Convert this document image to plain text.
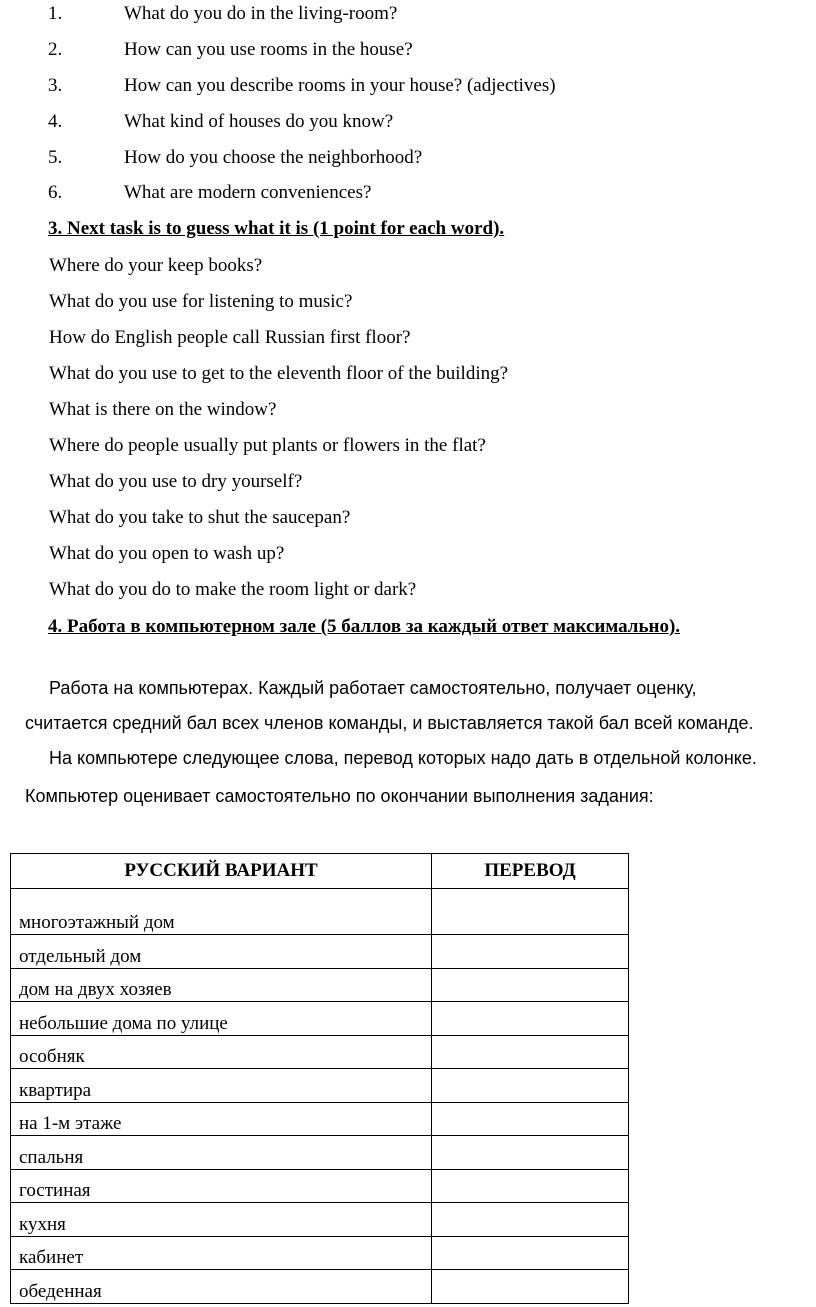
1.	What do you do in the living-room?
2.	How can you use rooms in the house?
3.	How can you describe rooms in your house? (adjectives)
4.	What kind of houses do you know?
5.	How do you choose the neighborhood?
6.	What are modern conveniences?
3. Next task is to guess what it is (1 point for each word).
Where do your keep books?
What do you use for listening to music?
How do English people call Russian first floor?
What do you use to get to the eleventh floor of the building?
What is there on the window?
Where do people usually put plants or flowers in the flat?
What do you use to dry yourself?
What do you take to shut the saucepan?
What do you open to wash up?
What do you do to make the room light or dark?
4. Работа в компьютерном зале (5 баллов за каждый ответ максимально).
Работа на компьютерах. Каждый работает самостоятельно, получает оценку,
считается средний бал всех членов команды, и выставляется такой бал всей команде.
На компьютере следующее слова, перевод которых надо дать в отдельной колонке.
Компьютер оценивает самостоятельно по окончании выполнения задания:
РУССКИЙ ВАРИАНТ	ПЕРЕВОД
многоэтажный дом	
отдельный дом	
дом на двух хозяев	
небольшие дома по улице	
особняк	
квартира	
на 1-м этаже	
спальня	
гостиная	
кухня	
кабинет	
обеденная	
